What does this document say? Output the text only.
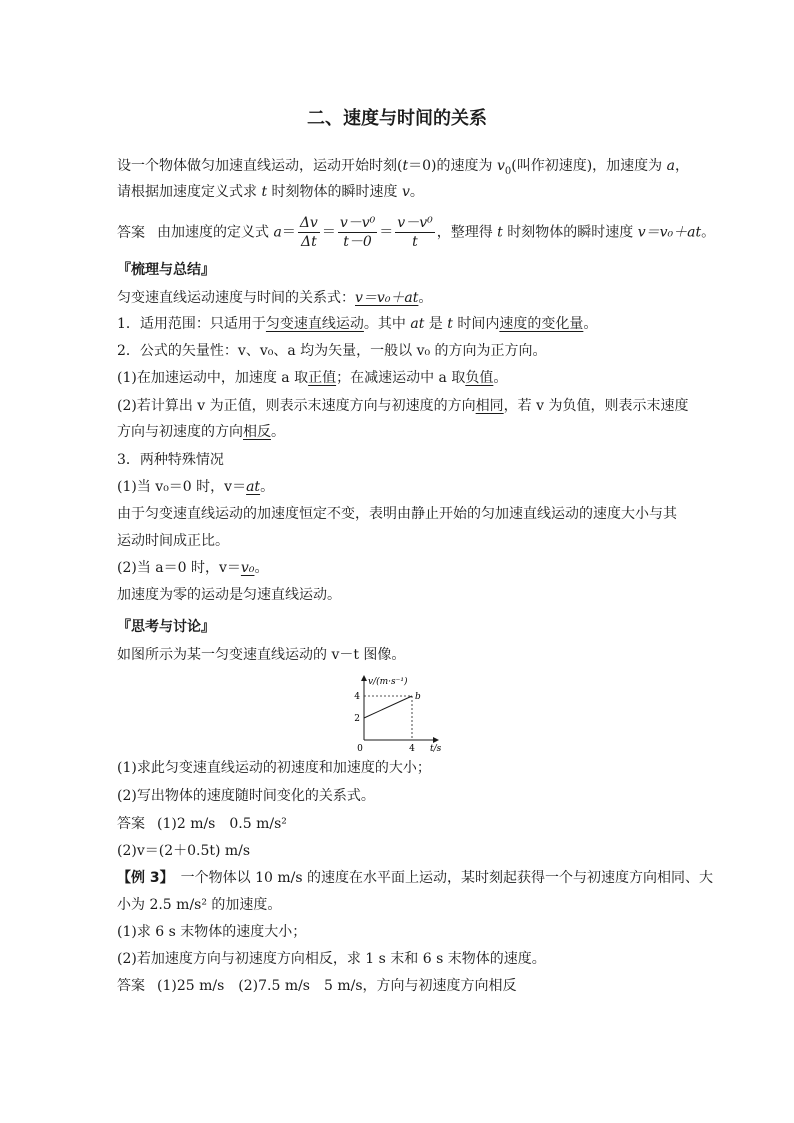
二、速度与时间的关系
设一个物体做匀加速直线运动，运动开始时刻(t＝0)的速度为 $v_0$(叫作初速度)，加速度为 a，
请根据加速度定义式求 t 时刻物体的瞬时速度 v。
答案 由加速度的定义式 $a= \frac{\Delta v}{\Delta t} = \frac{\text{v－v⁰}}{t-0} = \frac{\text{v－v⁰}}{t}$ ，整理得 t 时刻物体的瞬时速度 v＝v₀＋at。
『梳理与总结』
匀变速直线运动速度与时间的关系式：v＝v₀＋at。
1．适用范围：只适用于匀变速直线运动。其中 at 是 t 时间内速度的变化量。
2．公式的矢量性：v、v₀、a 均为矢量，一般以 v₀ 的方向为正方向。
(1)在加速运动中，加速度 a 取正值；在减速运动中 a 取负值。
(2)若计算出 v 为正值，则表示末速度方向与初速度的方向相同，若 v 为负值，则表示末速度
方向与初速度的方向相反。
3．两种特殊情况
(1)当 v₀＝0 时，v＝at。
由于匀变速直线运动的加速度恒定不变，表明由静止开始的匀加速直线运动的速度大小与其
运动时间成正比。
(2)当 a＝0 时，v＝v₀。
加速度为零的运动是匀速直线运动。
『思考与讨论』
如图所示为某一匀变速直线运动的 v－t 图像。
v/(m·s⁻¹)
t/s
0
4
2
4
b
(1)求此匀变速直线运动的初速度和加速度的大小；
(2)写出物体的速度随时间变化的关系式。
答案 (1)2 m/s　0.5 m/s²
(2)v＝(2＋0.5t) m/s
【例 3】　一个物体以 10 m/s 的速度在水平面上运动，某时刻起获得一个与初速度方向相同、大
小为 2.5 m/s² 的加速度。
(1)求 6 s 末物体的速度大小；
(2)若加速度方向与初速度方向相反，求 1 s 末和 6 s 末物体的速度。
答案 (1)25 m/s　(2)7.5 m/s　5 m/s，方向与初速度方向相反
